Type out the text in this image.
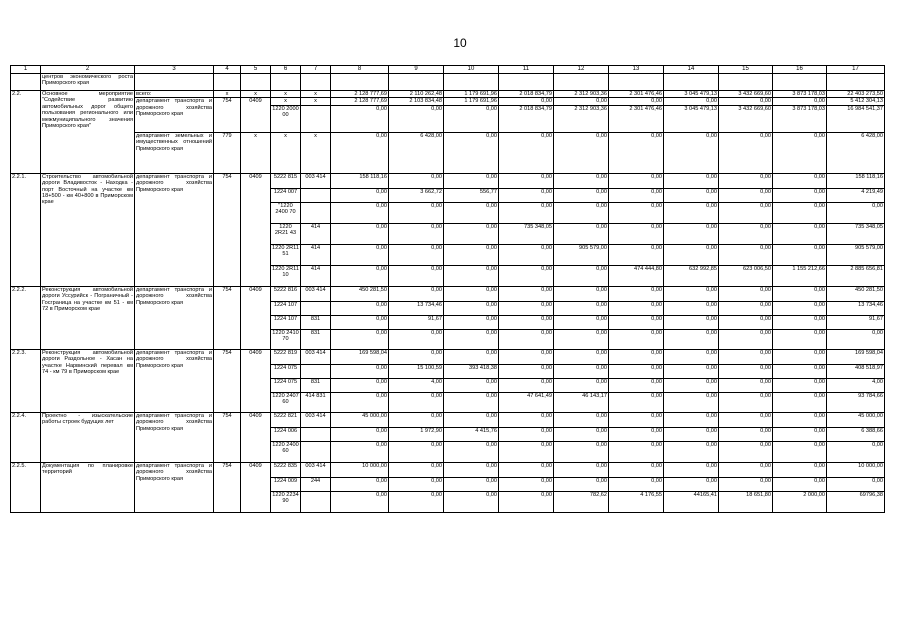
10
1	2	3	4	5	6	7	8	9	10	11	12	13	14	15	16	17
	центров экономического роста Приморского края															
2.2.	Основное мероприятие "Содействие развитию автомобильных дорог общего пользования регионального или межмуниципального значения Приморского края"	всего:	x	x	x	x	2 128 777,69	2 110 262,48	1 179 691,96	2 018 834,79	2 312 903,36	2 301 476,46	3 045 479,13	3 432 669,60	3 873 178,03	22 403 273,50
		департамент транспорта и дорожного хозяйства Приморского края	754	0409	x	x	2 128 777,69	2 103 834,48	1 179 691,96	0,00	0,00	0,00	0,00	0,00	0,00	5 412 304,13
					1220 2000 00		0,00	0,00	0,00	2 018 834,79	2 312 903,36	2 301 476,46	3 045 479,13	3 432 669,60	3 873 178,03	16 984 541,37
		департамент земельных и имущественных отношений Приморского края	779	x	x	x	0,00	6 428,00	0,00	0,00	0,00	0,00	0,00	0,00	0,00	6 428,00
2.2.1.	Строительство автомобильной дороги Владивосток - Находка - порт Восточный на участке км 18+500 - км 40+800 в Приморском крае	департамент транспорта и дорожного хозяйства Приморского края	754	0409	5222 815	003 414	158 118,16	0,00	0,00	0,00	0,00	0,00	0,00	0,00	0,00	158 118,16
					1224 007		0,00	3 662,72	556,77	0,00	0,00	0,00	0,00	0,00	0,00	4 219,49
					"1220 2400 70		0,00	0,00	0,00	0,00	0,00	0,00	0,00	0,00	0,00	0,00
					1220 2R21 43	414	0,00	0,00	0,00	735 348,05	0,00	0,00	0,00	0,00	0,00	735 348,05
					1220 2R11 51	414	0,00	0,00	0,00	0,00	905 579,00	0,00	0,00	0,00	0,00	905 579,00
					1220 2R11 10	414	0,00	0,00	0,00	0,00	0,00	474 444,80	632 992,85	623 006,50	1 155 212,66	2 885 656,81
2.2.2.	Реконструкция автомобильной дороги Уссурийск - Пограничный - Госграница на участке км 51 - км 72 в Приморском крае	департамент транспорта и дорожного хозяйства Приморского края	754	0409	5222 816	003 414	450 281,50	0,00	0,00	0,00	0,00	0,00	0,00	0,00	0,00	450 281,50
					1224 107		0,00	13 734,46	0,00	0,00	0,00	0,00	0,00	0,00	0,00	13 734,46
					1224 107	831	0,00	91,67	0,00	0,00	0,00	0,00	0,00	0,00	0,00	91,67
					1220 2410 70	831	0,00	0,00	0,00	0,00	0,00	0,00	0,00	0,00	0,00	0,00
2.2.3.	Реконструкция автомобильной дороги Раздольное - Хасан на участке Нарвинский перевал км 74 - км 79 в Приморском крае	департамент транспорта и дорожного хозяйства Приморского края	754	0409	5222 819	003 414	169 598,04	0,00	0,00	0,00	0,00	0,00	0,00	0,00	0,00	169 598,04
					1224 075		0,00	15 100,59	393 418,38	0,00	0,00	0,00	0,00	0,00	0,00	408 518,97
					1224 075	831	0,00	4,00	0,00	0,00	0,00	0,00	0,00	0,00	0,00	4,00
					1220 2407 60	414 831	0,00	0,00	0,00	47 641,49	46 143,17	0,00	0,00	0,00	0,00	93 784,66
2.2.4.	Проектно - изыскательские работы строек будущих лет	департамент транспорта и дорожного хозяйства Приморского края	754	0409	5222 821	003 414	45 000,00	0,00	0,00	0,00	0,00	0,00	0,00	0,00	0,00	45 000,00
					1224 006		0,00	1 972,90	4 415,76	0,00	0,00	0,00	0,00	0,00	0,00	6 388,66
					1220 2400 60		0,00	0,00	0,00	0,00	0,00	0,00	0,00	0,00	0,00	0,00
2.2.5.	Документация по планировке территорий	департамент транспорта и дорожного хозяйства Приморского края	754	0409	5222 835	003 414	10 000,00	0,00	0,00	0,00	0,00	0,00	0,00	0,00	0,00	10 000,00
					1224 009	244	0,00	0,00	0,00	0,00	0,00	0,00	0,00	0,00	0,00	0,00
					1220 2234 90		0,00	0,00	0,00	0,00	782,62	4 176,55	44165,41	18 651,80	2 000,00	69796,38
